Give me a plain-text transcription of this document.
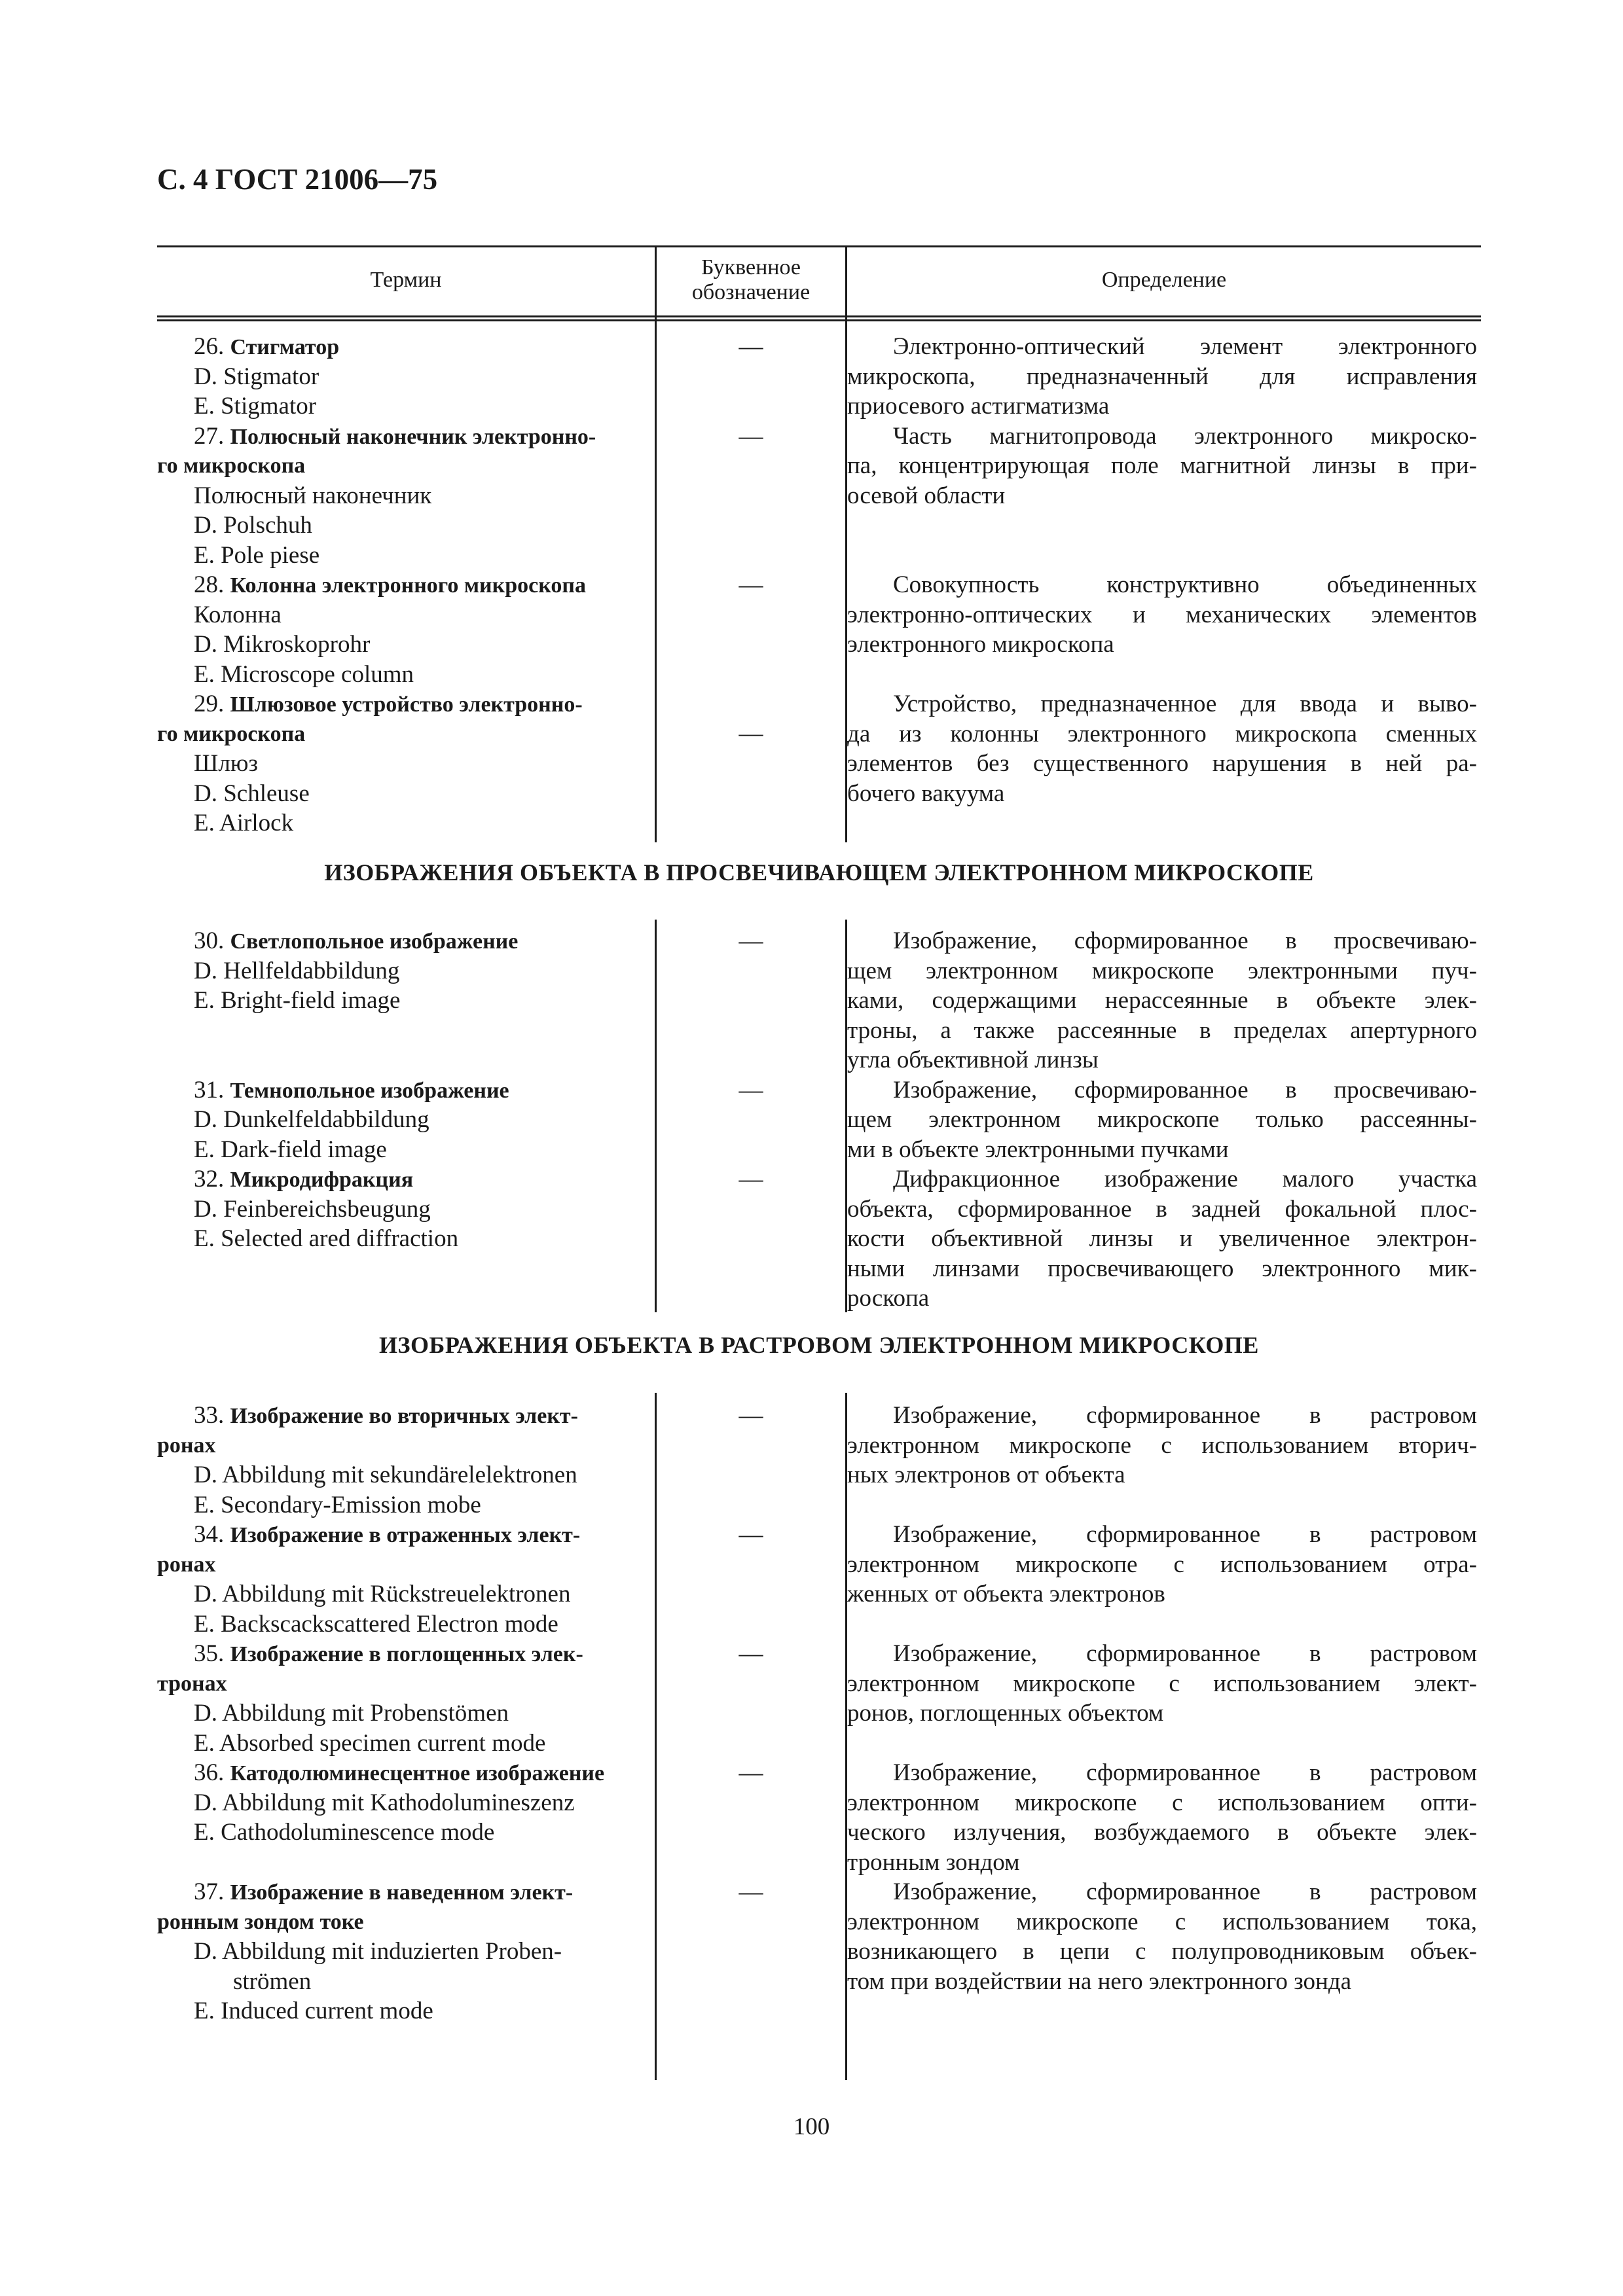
С. 4 ГОСТ 21006—75
Термин
Буквенное
обозначение
Определение
26. Стигматор
D. Stigmator
E. Stigmator
27. Полюсный наконечник электронно-
го микроскопа
Полюсный наконечник
D. Polschuh
E. Pole piese
28. Колонна электронного микроскопа
Колонна
D. Mikroskoprohr
E. Microscope column
29. Шлюзовое устройство электронно-
го микроскопа
Шлюз
D. Schleuse
E. Airlock
—
—
—
—
Электронно-оптический элемент электронного
микроскопа, предназначенный для исправления
приосевого астигматизма
Часть магнитопровода электронного микроско-
па, концентрирующая поле магнитной линзы в при-
осевой области
Совокупность конструктивно объединенных
электронно-оптических и механических элементов
электронного микроскопа
Устройство, предназначенное для ввода и выво-
да из колонны электронного микроскопа сменных
элементов без существенного нарушения в ней ра-
бочего вакуума
ИЗОБРАЖЕНИЯ ОБЪЕКТА В ПРОСВЕЧИВАЮЩЕМ ЭЛЕКТРОННОМ МИКРОСКОПЕ
30. Светлопольное изображение
D. Hellfeldabbildung
E. Bright-field image
31. Темнопольное изображение
D. Dunkelfeldabbildung
E. Dark-field image
32. Микродифракция
D. Feinbereichsbeugung
E. Selected ared diffraction
—
—
—
Изображение, сформированное в просвечиваю-
щем электронном микроскопе электронными пуч-
ками, содержащими нерассеянные в объекте элек-
троны, а также рассеянные в пределах апертурного
угла объективной линзы
Изображение, сформированное в просвечиваю-
щем электронном микроскопе только рассеянны-
ми в объекте электронными пучками
Дифракционное изображение малого участка
объекта, сформированное в задней фокальной плос-
кости объективной линзы и увеличенное электрон-
ными линзами просвечивающего электронного мик-
роскопа
ИЗОБРАЖЕНИЯ ОБЪЕКТА В РАСТРОВОМ ЭЛЕКТРОННОМ МИКРОСКОПЕ
33. Изображение во вторичных элект-
ронах
D. Abbildung mit sekundärelelektronen
E. Secondary-Emission mobe
34. Изображение в отраженных элект-
ронах
D. Abbildung mit Rückstreuelektronen
E. Backscackscattered Electron mode
35. Изображение в поглощенных элек-
тронах
D. Abbildung mit Probenstömen
E. Absorbed specimen current mode
36. Катодолюминесцентное изображение
D. Abbildung mit Kathodolumineszenz
E. Cathodoluminescence mode
37. Изображение в наведенном элект-
ронным зондом токе
D. Abbildung mit induzierten Proben-
strömen
E. Induced current mode
—
—
—
—
—
Изображение, сформированное в растровом
электронном микроскопе с использованием вторич-
ных электронов от объекта
Изображение, сформированное в растровом
электронном микроскопе с использованием отра-
женных от объекта электронов
Изображение, сформированное в растровом
электронном микроскопе с использованием элект-
ронов, поглощенных объектом
Изображение, сформированное в растровом
электронном микроскопе с использованием опти-
ческого излучения, возбуждаемого в объекте элек-
тронным зондом
Изображение, сформированное в растровом
электронном микроскопе с использованием тока,
возникающего в цепи с полупроводниковым объек-
том при воздействии на него электронного зонда
100
